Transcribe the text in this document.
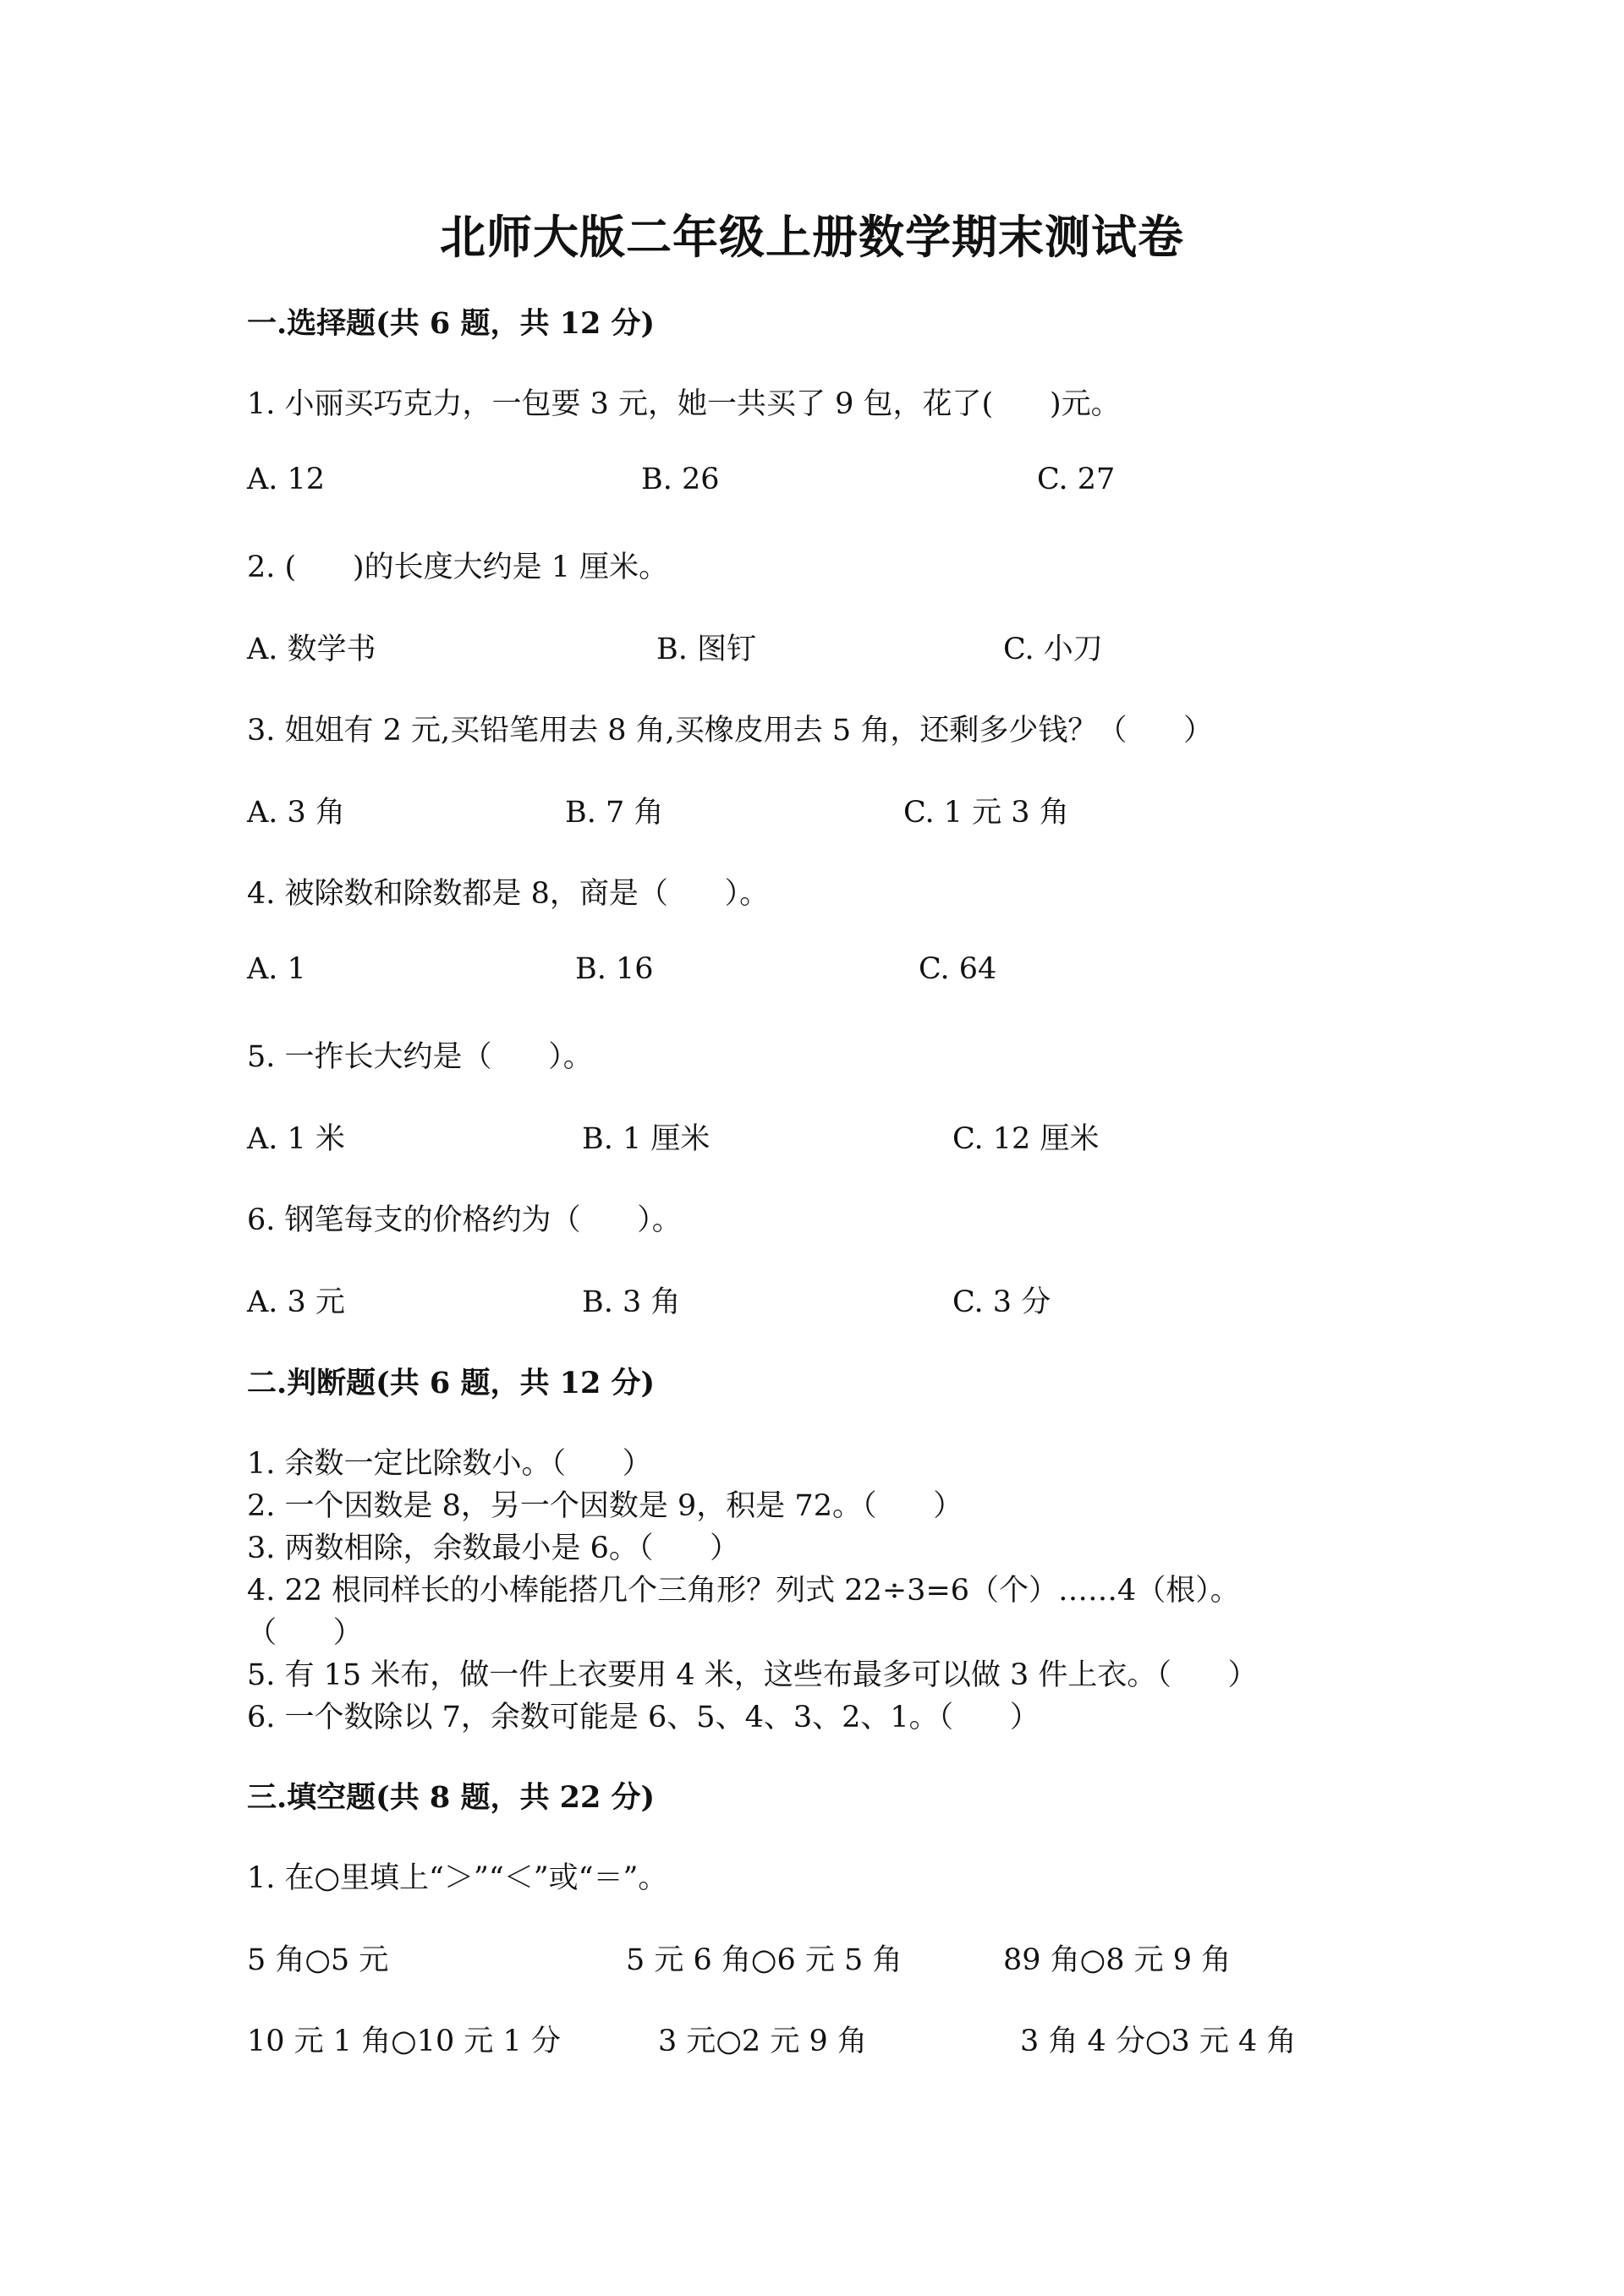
北师大版二年级上册数学期末测试卷
一.选择题(共 6 题，共 12 分)
1. 小丽买巧克力，一包要 3 元，她一共买了 9 包，花了(      )元。
A. 12	B. 26	C. 27
2. (      )的长度大约是 1 厘米。
A. 数学书	B. 图钉	C. 小刀
3. 姐姐有 2 元,买铅笔用去 8 角,买橡皮用去 5 角，还剩多少钱？（      ）
A. 3 角	B. 7 角	C. 1 元 3 角
4. 被除数和除数都是 8，商是（      ）。
A. 1	B. 16	C. 64
5. 一拃长大约是（      ）。
A. 1 米	B. 1 厘米	C. 12 厘米
6. 钢笔每支的价格约为（      ）。
A. 3 元	B. 3 角	C. 3 分
二.判断题(共 6 题，共 12 分)
1. 余数一定比除数小。（      ）
2. 一个因数是 8，另一个因数是 9，积是 72。（      ）
3. 两数相除，余数最小是 6。（      ）
4. 22 根同样长的小棒能搭几个三角形？列式 22÷3=6（个）……4（根）。
（      ）
5. 有 15 米布，做一件上衣要用 4 米，这些布最多可以做 3 件上衣。（      ）
6. 一个数除以 7，余数可能是 6、5、4、3、2、1。（      ）
三.填空题(共 8 题，共 22 分)
1. 在○里填上“＞”“＜”或“＝”。
5 角○5 元	5 元 6 角○6 元 5 角	89 角○8 元 9 角
10 元 1 角○10 元 1 分	3 元○2 元 9 角	3 角 4 分○3 元 4 角
